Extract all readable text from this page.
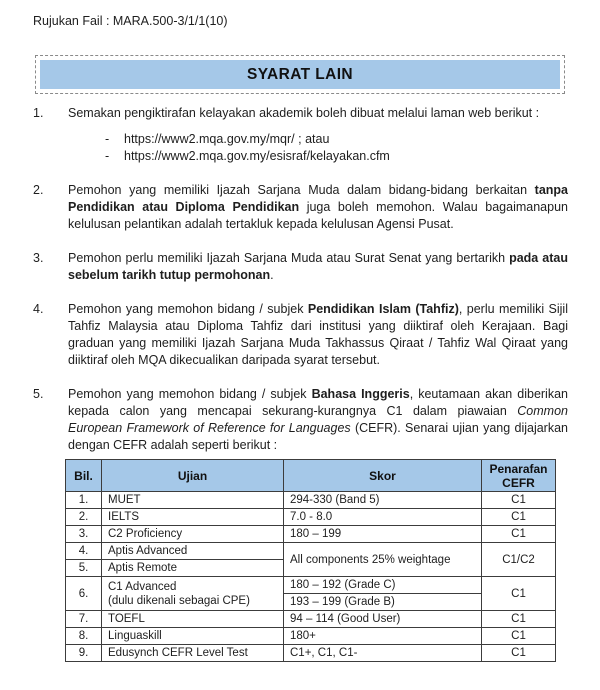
Rujukan Fail : MARA.500-3/1/1(10)
SYARAT LAIN
1.	Semakan pengiktirafan kelayakan akademik boleh dibuat melalui laman web berikut :

-	https://www2.mqa.gov.my/mqr/ ; atau
-	https://www2.mqa.gov.my/esisraf/kelayakan.cfm
2.	Pemohon yang memiliki Ijazah Sarjana Muda dalam bidang-bidang berkaitan tanpa Pendidikan atau Diploma Pendidikan juga boleh memohon. Walau bagaimanapun kelulusan pelantikan adalah tertakluk kepada kelulusan Agensi Pusat.

3.	Pemohon perlu memiliki Ijazah Sarjana Muda atau Surat Senat yang bertarikh pada atau sebelum tarikh tutup permohonan.

4.	Pemohon yang memohon bidang / subjek Pendidikan Islam (Tahfiz), perlu memiliki Sijil Tahfiz Malaysia atau Diploma Tahfiz dari institusi yang diiktiraf oleh Kerajaan. Bagi graduan yang memiliki Ijazah Sarjana Muda Takhassus Qiraat / Tahfiz Wal Qiraat yang diiktiraf oleh MQA dikecualikan daripada syarat tersebut.

5.	Pemohon yang memohon bidang / subjek Bahasa Inggeris, keutamaan akan diberikan kepada calon yang mencapai sekurang-kurangnya C1 dalam piawaian Common European Framework of Reference for Languages (CEFR). Senarai ujian yang dijajarkan dengan CEFR adalah seperti berikut :

Bil.	Ujian	Skor	Penarafan CEFR
1.	MUET	294-330 (Band 5)	C1
2.	IELTS	7.0 - 8.0	C1
3.	C2 Proficiency	180 – 199	C1
4.	Aptis Advanced	All components 25% weightage	C1/C2
5.	Aptis Remote		
6.	C1 Advanced
(dulu dikenali sebagai CPE)	180 – 192 (Grade C)	C1
		193 – 199 (Grade B)	
7.	TOEFL	94 – 114 (Good User)	C1
8.	Linguaskill	180+	C1
9.	Edusynch CEFR Level Test	C1+, C1, C1-	C1
